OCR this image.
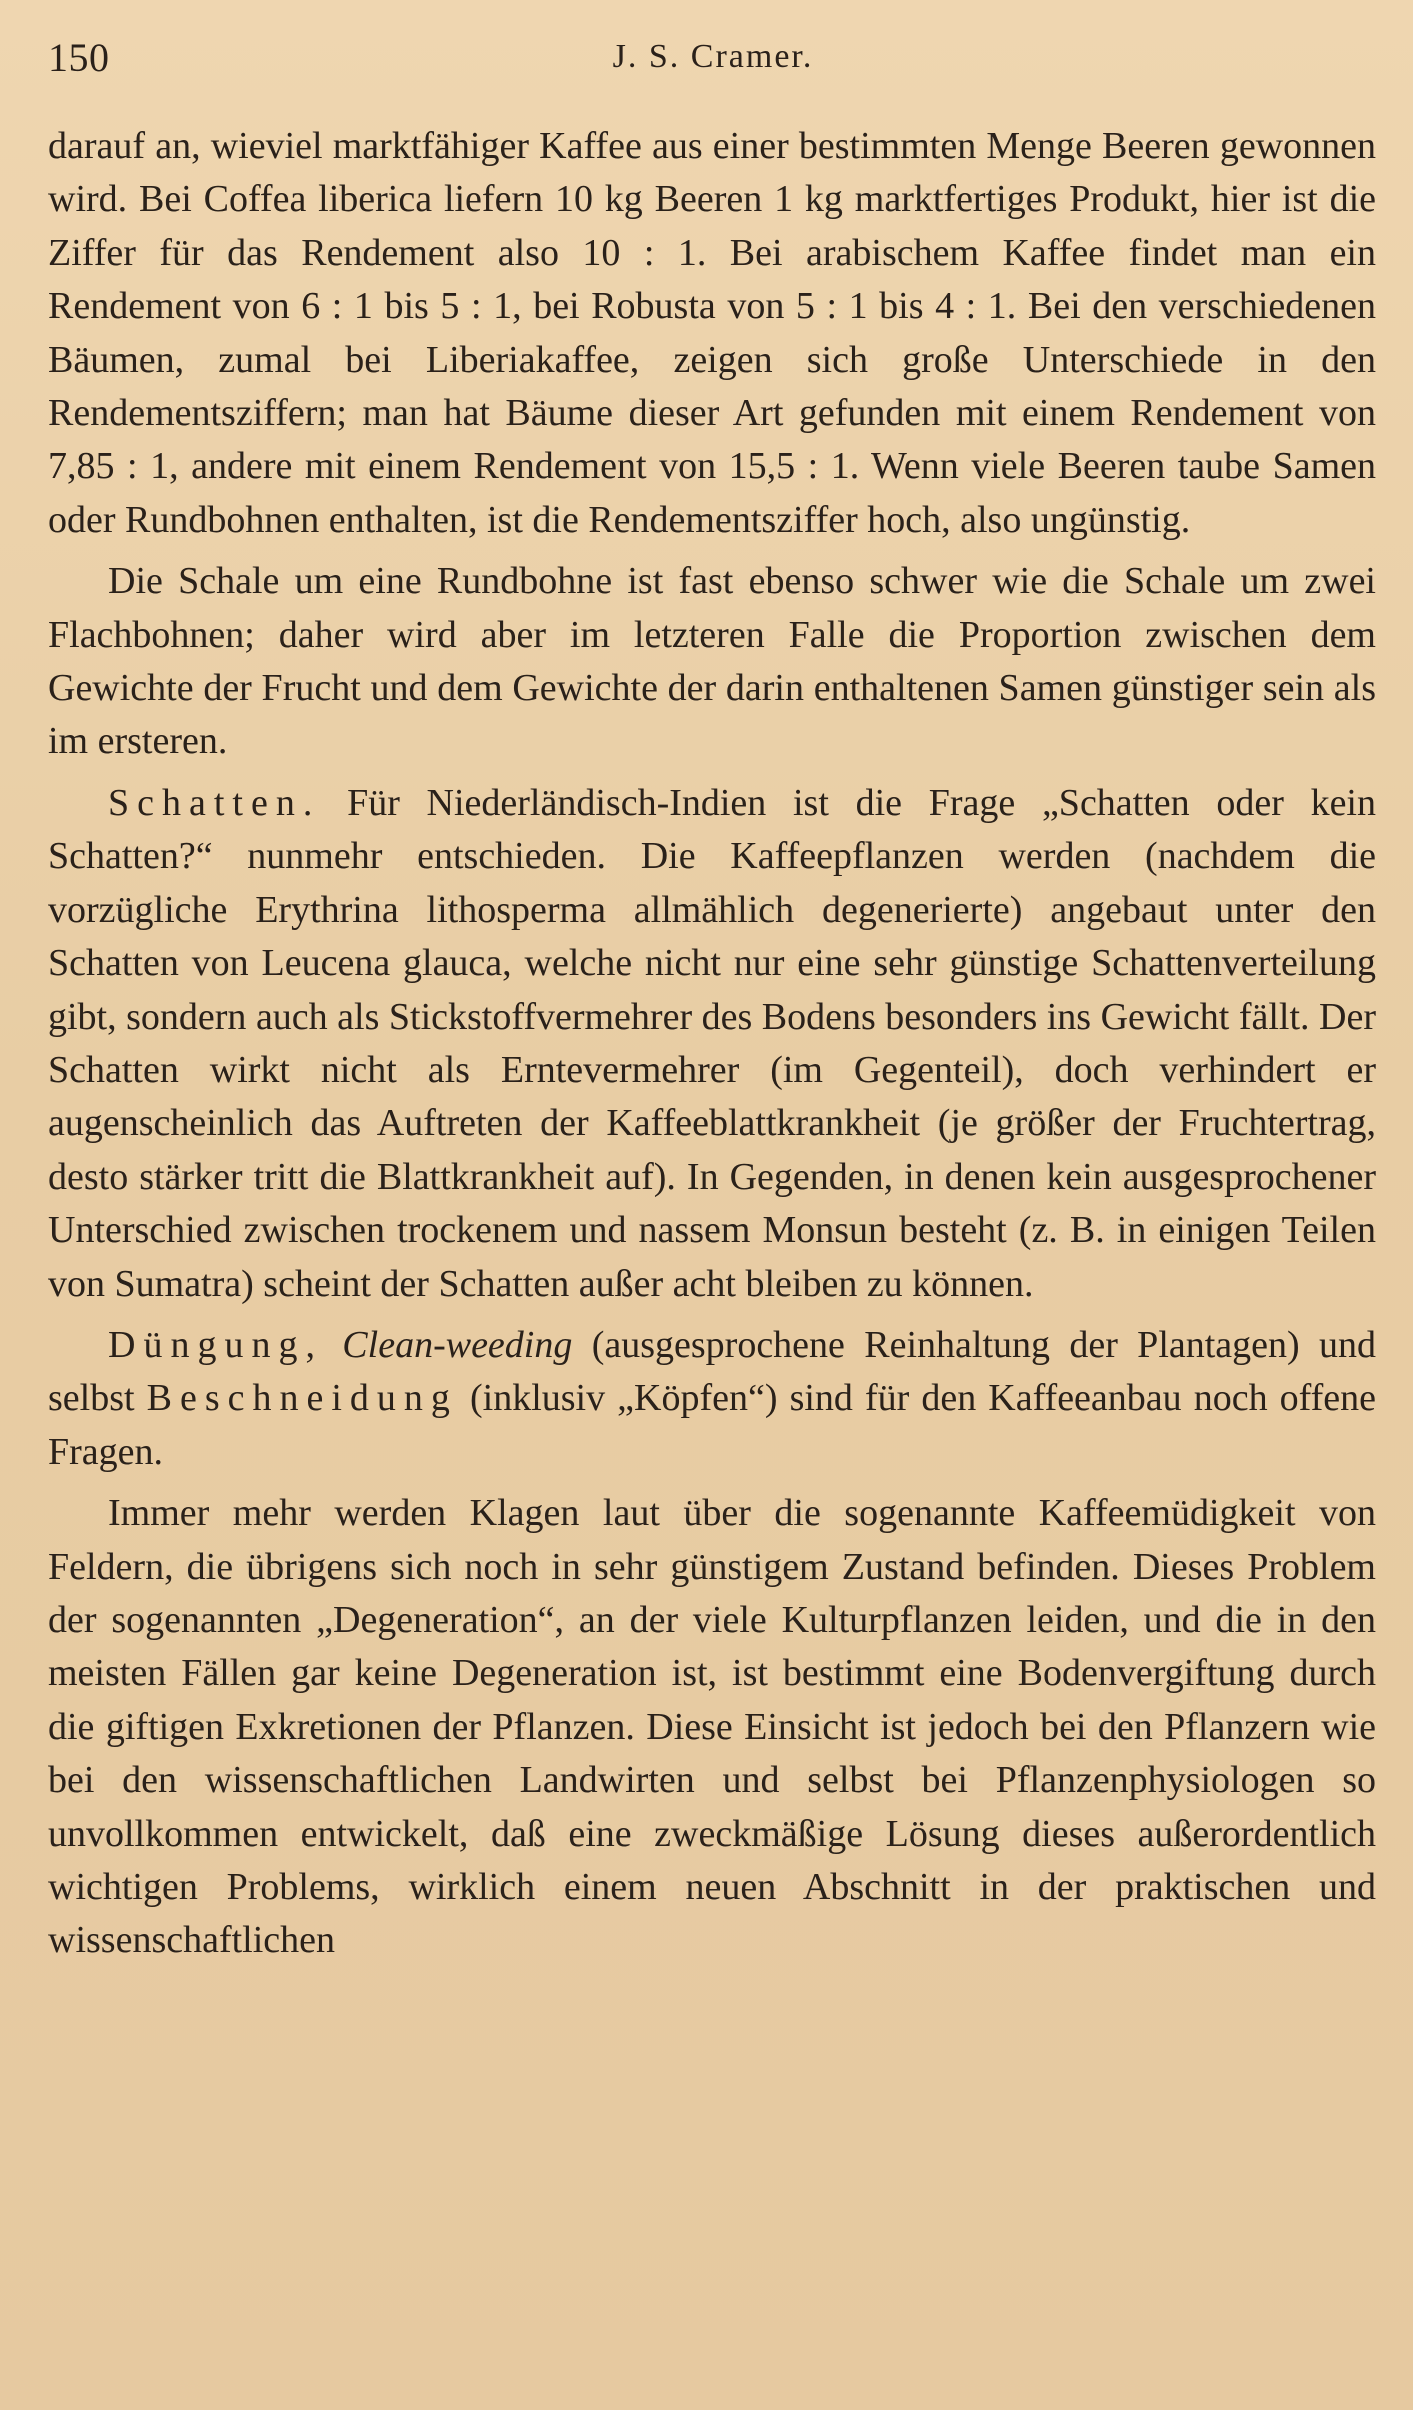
150	J. S. Cramer.

darauf an, wieviel marktfähiger Kaffee aus einer bestimmten Menge Beeren gewonnen wird. Bei Coffea liberica liefern 10 kg Beeren 1 kg marktfertiges Produkt, hier ist die Ziffer für das Rendement also 10 : 1. Bei arabischem Kaffee findet man ein Rendement von 6 : 1 bis 5 : 1, bei Robusta von 5 : 1 bis 4 : 1. Bei den verschiedenen Bäumen, zumal bei Liberiakaffee, zeigen sich große Unterschiede in den Rendementsziffern; man hat Bäume dieser Art gefunden mit einem Rendement von 7,85 : 1, andere mit einem Rendement von 15,5 : 1. Wenn viele Beeren taube Samen oder Rundbohnen enthalten, ist die Rendementsziffer hoch, also ungünstig.

Die Schale um eine Rundbohne ist fast ebenso schwer wie die Schale um zwei Flachbohnen; daher wird aber im letzteren Falle die Proportion zwischen dem Gewichte der Frucht und dem Gewichte der darin enthaltenen Samen günstiger sein als im ersteren.

Schatten. Für Niederländisch-Indien ist die Frage „Schatten oder kein Schatten?“ nunmehr entschieden. Die Kaffeepflanzen werden (nachdem die vorzügliche Erythrina lithosperma allmählich degenerierte) angebaut unter den Schatten von Leucena glauca, welche nicht nur eine sehr günstige Schattenverteilung gibt, sondern auch als Stickstoffvermehrer des Bodens besonders ins Gewicht fällt. Der Schatten wirkt nicht als Erntevermehrer (im Gegenteil), doch verhindert er augenscheinlich das Auftreten der Kaffeeblattkrankheit (je größer der Fruchtertrag, desto stärker tritt die Blattkrankheit auf). In Gegenden, in denen kein ausgesprochener Unterschied zwischen trockenem und nassem Monsun besteht (z. B. in einigen Teilen von Sumatra) scheint der Schatten außer acht bleiben zu können.

Düngung, Clean-weeding (ausgesprochene Reinhaltung der Plantagen) und selbst Beschneidung (inklusiv „Köpfen“) sind für den Kaffeeanbau noch offene Fragen.

Immer mehr werden Klagen laut über die sogenannte Kaffeemüdigkeit von Feldern, die übrigens sich noch in sehr günstigem Zustand befinden. Dieses Problem der sogenannten „Degeneration“, an der viele Kulturpflanzen leiden, und die in den meisten Fällen gar keine Degeneration ist, ist bestimmt eine Bodenvergiftung durch die giftigen Exkretionen der Pflanzen. Diese Einsicht ist jedoch bei den Pflanzern wie bei den wissenschaftlichen Landwirten und selbst bei Pflanzenphysiologen so unvollkommen entwickelt, daß eine zweckmäßige Lösung dieses außerordentlich wichtigen Problems, wirklich einem neuen Abschnitt in der praktischen und wissenschaftlichen
